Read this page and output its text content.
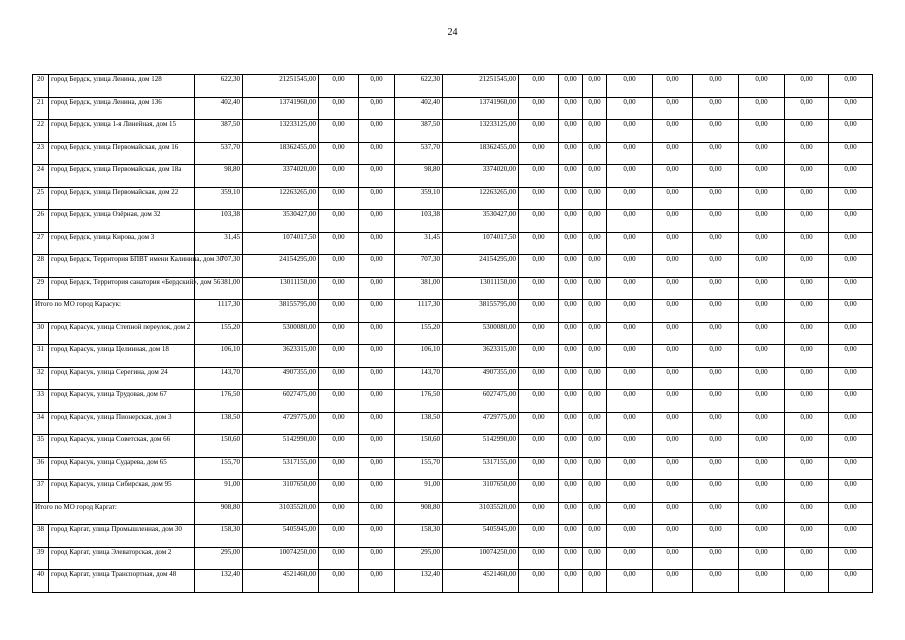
24
20	город Бердск, улица Ленина, дом 128	622,30	21251545,00	0,00	0,00	622,30	21251545,00	0,00	0,00	0,00	0,00	0,00	0,00	0,00	0,00	0,00
21	город Бердск, улица Ленина, дом 136	402,40	13741960,00	0,00	0,00	402,40	13741960,00	0,00	0,00	0,00	0,00	0,00	0,00	0,00	0,00	0,00
22	город Бердск, улица 1-я Линейная, дом 15	387,50	13233125,00	0,00	0,00	387,50	13233125,00	0,00	0,00	0,00	0,00	0,00	0,00	0,00	0,00	0,00
23	город Бердск, улица Первомайская, дом 16	537,70	18362455,00	0,00	0,00	537,70	18362455,00	0,00	0,00	0,00	0,00	0,00	0,00	0,00	0,00	0,00
24	город Бердск, улица Первомайская, дом 18а	98,80	3374020,00	0,00	0,00	98,80	3374020,00	0,00	0,00	0,00	0,00	0,00	0,00	0,00	0,00	0,00
25	город Бердск, улица Первомайская, дом 22	359,10	12263265,00	0,00	0,00	359,10	12263265,00	0,00	0,00	0,00	0,00	0,00	0,00	0,00	0,00	0,00
26	город Бердск, улица Озёрная, дом 32	103,38	3530427,00	0,00	0,00	103,38	3530427,00	0,00	0,00	0,00	0,00	0,00	0,00	0,00	0,00	0,00
27	город Бердск, улица Кирова, дом 3	31,45	1074017,50	0,00	0,00	31,45	1074017,50	0,00	0,00	0,00	0,00	0,00	0,00	0,00	0,00	0,00
28	город Бердск, Территория БПВТ имени Калинина, дом 30	707,30	24154295,00	0,00	0,00	707,30	24154295,00	0,00	0,00	0,00	0,00	0,00	0,00	0,00	0,00	0,00
29	город Бердск, Территория санатория «Бердский», дом 56	381,00	13011150,00	0,00	0,00	381,00	13011150,00	0,00	0,00	0,00	0,00	0,00	0,00	0,00	0,00	0,00
Итого по МО город Карасук:		1117,30	38155795,00	0,00	0,00	1117,30	38155795,00	0,00	0,00	0,00	0,00	0,00	0,00	0,00	0,00	0,00
30	город Карасук, улица Степной переулок, дом 2	155,20	5300080,00	0,00	0,00	155,20	5300080,00	0,00	0,00	0,00	0,00	0,00	0,00	0,00	0,00	0,00
31	город Карасук, улица Целинная, дом 18	106,10	3623315,00	0,00	0,00	106,10	3623315,00	0,00	0,00	0,00	0,00	0,00	0,00	0,00	0,00	0,00
32	город Карасук, улица Серегина, дом 24	143,70	4907355,00	0,00	0,00	143,70	4907355,00	0,00	0,00	0,00	0,00	0,00	0,00	0,00	0,00	0,00
33	город Карасук, улица Трудовая, дом 67	176,50	6027475,00	0,00	0,00	176,50	6027475,00	0,00	0,00	0,00	0,00	0,00	0,00	0,00	0,00	0,00
34	город Карасук, улица Пионерская, дом 3	138,50	4729775,00	0,00	0,00	138,50	4729775,00	0,00	0,00	0,00	0,00	0,00	0,00	0,00	0,00	0,00
35	город Карасук, улица Советская, дом 66	150,60	5142990,00	0,00	0,00	150,60	5142990,00	0,00	0,00	0,00	0,00	0,00	0,00	0,00	0,00	0,00
36	город Карасук, улица Сударева, дом 65	155,70	5317155,00	0,00	0,00	155,70	5317155,00	0,00	0,00	0,00	0,00	0,00	0,00	0,00	0,00	0,00
37	город Карасук, улица Сибирская, дом 95	91,00	3107650,00	0,00	0,00	91,00	3107650,00	0,00	0,00	0,00	0,00	0,00	0,00	0,00	0,00	0,00
Итого по МО город Каргат:		908,80	31035520,00	0,00	0,00	908,80	31035520,00	0,00	0,00	0,00	0,00	0,00	0,00	0,00	0,00	0,00
38	город Каргат, улица Промышленная, дом 30	158,30	5405945,00	0,00	0,00	158,30	5405945,00	0,00	0,00	0,00	0,00	0,00	0,00	0,00	0,00	0,00
39	город Каргат, улица Элеваторская, дом 2	295,00	10074250,00	0,00	0,00	295,00	10074250,00	0,00	0,00	0,00	0,00	0,00	0,00	0,00	0,00	0,00
40	город Каргат, улица Транспортная, дом 48	132,40	4521460,00	0,00	0,00	132,40	4521460,00	0,00	0,00	0,00	0,00	0,00	0,00	0,00	0,00	0,00
